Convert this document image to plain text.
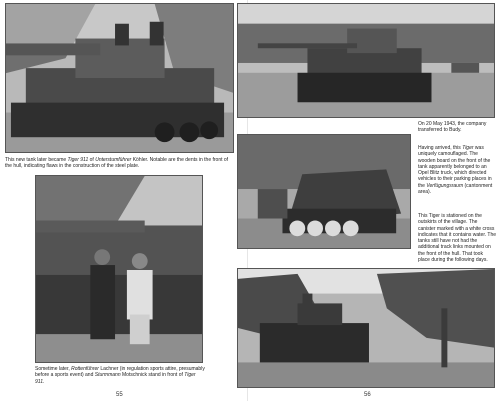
This new tank later became Tiger 911 of Unterstumführer Köhler. Notable are the dents in the front of the hull, indicating flaws in the construction of the steel plate.
Sometime later, Rottenführer Lachner (in regulation sports attire, presumably before a sports event) and Sturmmann Motschnick stand in front of Tiger 911.
55
On 20 May 1943, the company transferred to Budy.
Having arrived, this Tiger was uniquely camouflaged. The wooden board on the front of the tank apparently belonged to an Opel Blitz truck, which directed vehicles to their parking places in the Verfügungsraum (cantonment area).
This Tiger is stationed on the outskirts of the village. The canister marked with a white cross indicates that it contains water. The tanks still have not had the additional track links mounted on the front of the hull. That took place during the following days.
56
